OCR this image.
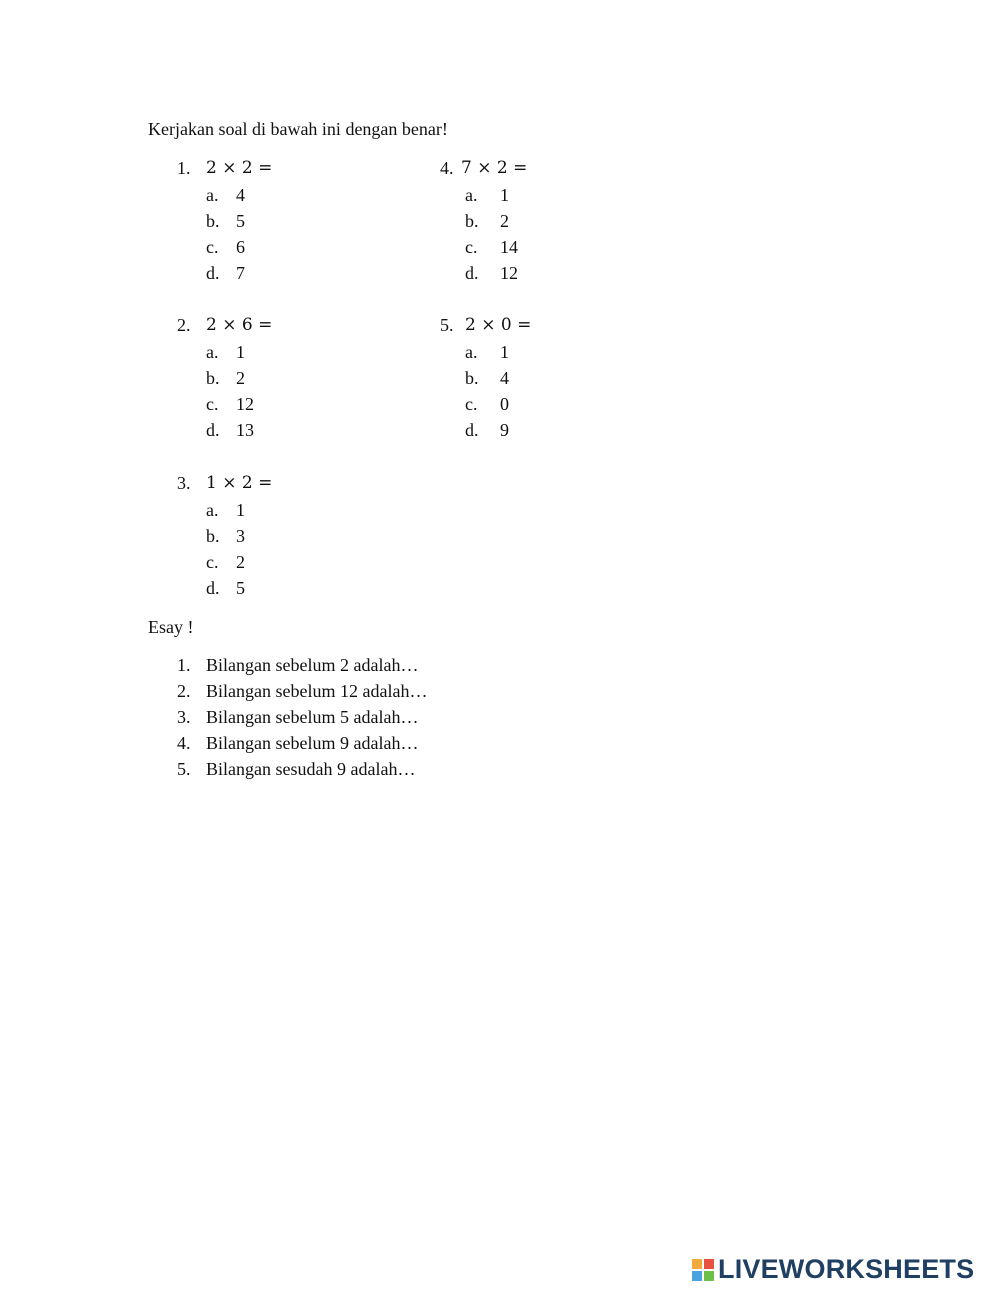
Kerjakan soal di bawah ini dengan benar!
1. 2 × 2 =
a. 4
b. 5
c. 6
d. 7
2. 2 × 6 =
a. 1
b. 2
c. 12
d. 13
3. 1 × 2 =
a. 1
b. 3
c. 2
d. 5
4. 7 × 2 =
a. 1
b. 2
c. 14
d. 12
5. 2 × 0 =
a. 1
b. 4
c. 0
d. 9
Esay !
1. Bilangan sebelum 2 adalah…
2. Bilangan sebelum 12 adalah…
3. Bilangan sebelum 5 adalah…
4. Bilangan sebelum 9 adalah…
5. Bilangan sesudah 9 adalah…
LIVEWORKSHEETS
